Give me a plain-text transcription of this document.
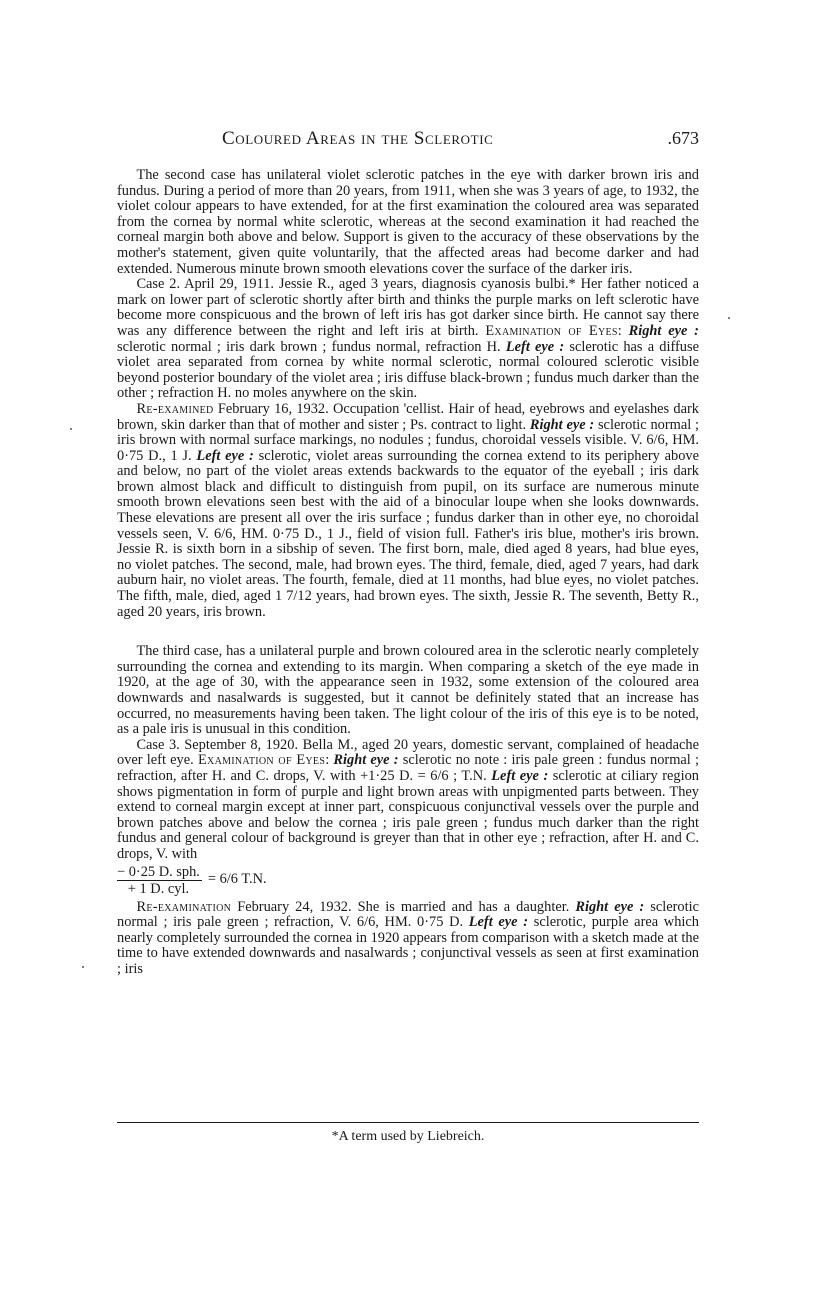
Coloured Areas in the Sclerotic	.673

The second case has unilateral violet sclerotic patches in the eye with darker brown iris and fundus. During a period of more than 20 years, from 1911, when she was 3 years of age, to 1932, the violet colour appears to have extended, for at the first examination the coloured area was separated from the cornea by normal white sclerotic, whereas at the second examination it had reached the corneal margin both above and below. Support is given to the accuracy of these observations by the mother's statement, given quite voluntarily, that the affected areas had become darker and had extended. Numerous minute brown smooth elevations cover the surface of the darker iris.

Case 2. April 29, 1911. Jessie R., aged 3 years, diagnosis cyanosis bulbi.* Her father noticed a mark on lower part of sclerotic shortly after birth and thinks the purple marks on left sclerotic have become more conspicuous and the brown of left iris has got darker since birth. He cannot say there was any difference between the right and left iris at birth. Examination of Eyes: Right eye : sclerotic normal ; iris dark brown ; fundus normal, refraction H. Left eye : sclerotic has a diffuse violet area separated from cornea by white normal sclerotic, normal coloured sclerotic visible beyond posterior boundary of the violet area ; iris diffuse black-brown ; fundus much darker than the other ; refraction H. no moles anywhere on the skin.

Re-examined February 16, 1932. Occupation 'cellist. Hair of head, eyebrows and eyelashes dark brown, skin darker than that of mother and sister ; Ps. contract to light. Right eye : sclerotic normal ; iris brown with normal surface markings, no nodules ; fundus, choroidal vessels visible. V. 6/6, HM. 0·75 D., 1 J. Left eye : sclerotic, violet areas surrounding the cornea extend to its periphery above and below, no part of the violet areas extends backwards to the equator of the eyeball ; iris dark brown almost black and difficult to distinguish from pupil, on its surface are numerous minute smooth brown elevations seen best with the aid of a binocular loupe when she looks downwards. These elevations are present all over the iris surface ; fundus darker than in other eye, no choroidal vessels seen, V. 6/6, HM. 0·75 D., 1 J., field of vision full. Father's iris blue, mother's iris brown. Jessie R. is sixth born in a sibship of seven. The first born, male, died aged 8 years, had blue eyes, no violet patches. The second, male, had brown eyes. The third, female, died, aged 7 years, had dark auburn hair, no violet areas. The fourth, female, died at 11 months, had blue eyes, no violet patches. The fifth, male, died, aged 1 7/12 years, had brown eyes. The sixth, Jessie R. The seventh, Betty R., aged 20 years, iris brown.

The third case, has a unilateral purple and brown coloured area in the sclerotic nearly completely surrounding the cornea and extending to its margin. When comparing a sketch of the eye made in 1920, at the age of 30, with the appearance seen in 1932, some extension of the coloured area downwards and nasalwards is suggested, but it cannot be definitely stated that an increase has occurred, no measurements having been taken. The light colour of the iris of this eye is to be noted, as a pale iris is unusual in this condition.

Case 3. September 8, 1920. Bella M., aged 20 years, domestic servant, complained of headache over left eye. Examination of Eyes: Right eye : sclerotic no note : iris pale green : fundus normal ; refraction, after H. and C. drops, V. with +1·25 D. = 6/6 ; T.N. Left eye : sclerotic at ciliary region shows pigmentation in form of purple and light brown areas with unpigmented parts between. They extend to corneal margin except at inner part, conspicuous conjunctival vessels over the purple and brown patches above and below the cornea ; iris pale green ; fundus much darker than the right fundus and general colour of background is greyer than that in other eye ; refraction, after H. and C. drops, V. with

$\frac{\text{− 0·25 D. sph.}}{\text{+ 1 D. cyl.}} = 6/6$ T.N.

Re-examination February 24, 1932. She is married and has a daughter. Right eye : sclerotic normal ; iris pale green ; refraction, V. 6/6, HM. 0·75 D. Left eye : sclerotic, purple area which nearly completely surrounded the cornea in 1920 appears from comparison with a sketch made at the time to have extended downwards and nasalwards ; conjunctival vessels as seen at first examination ; iris

*A term used by Liebreich.
